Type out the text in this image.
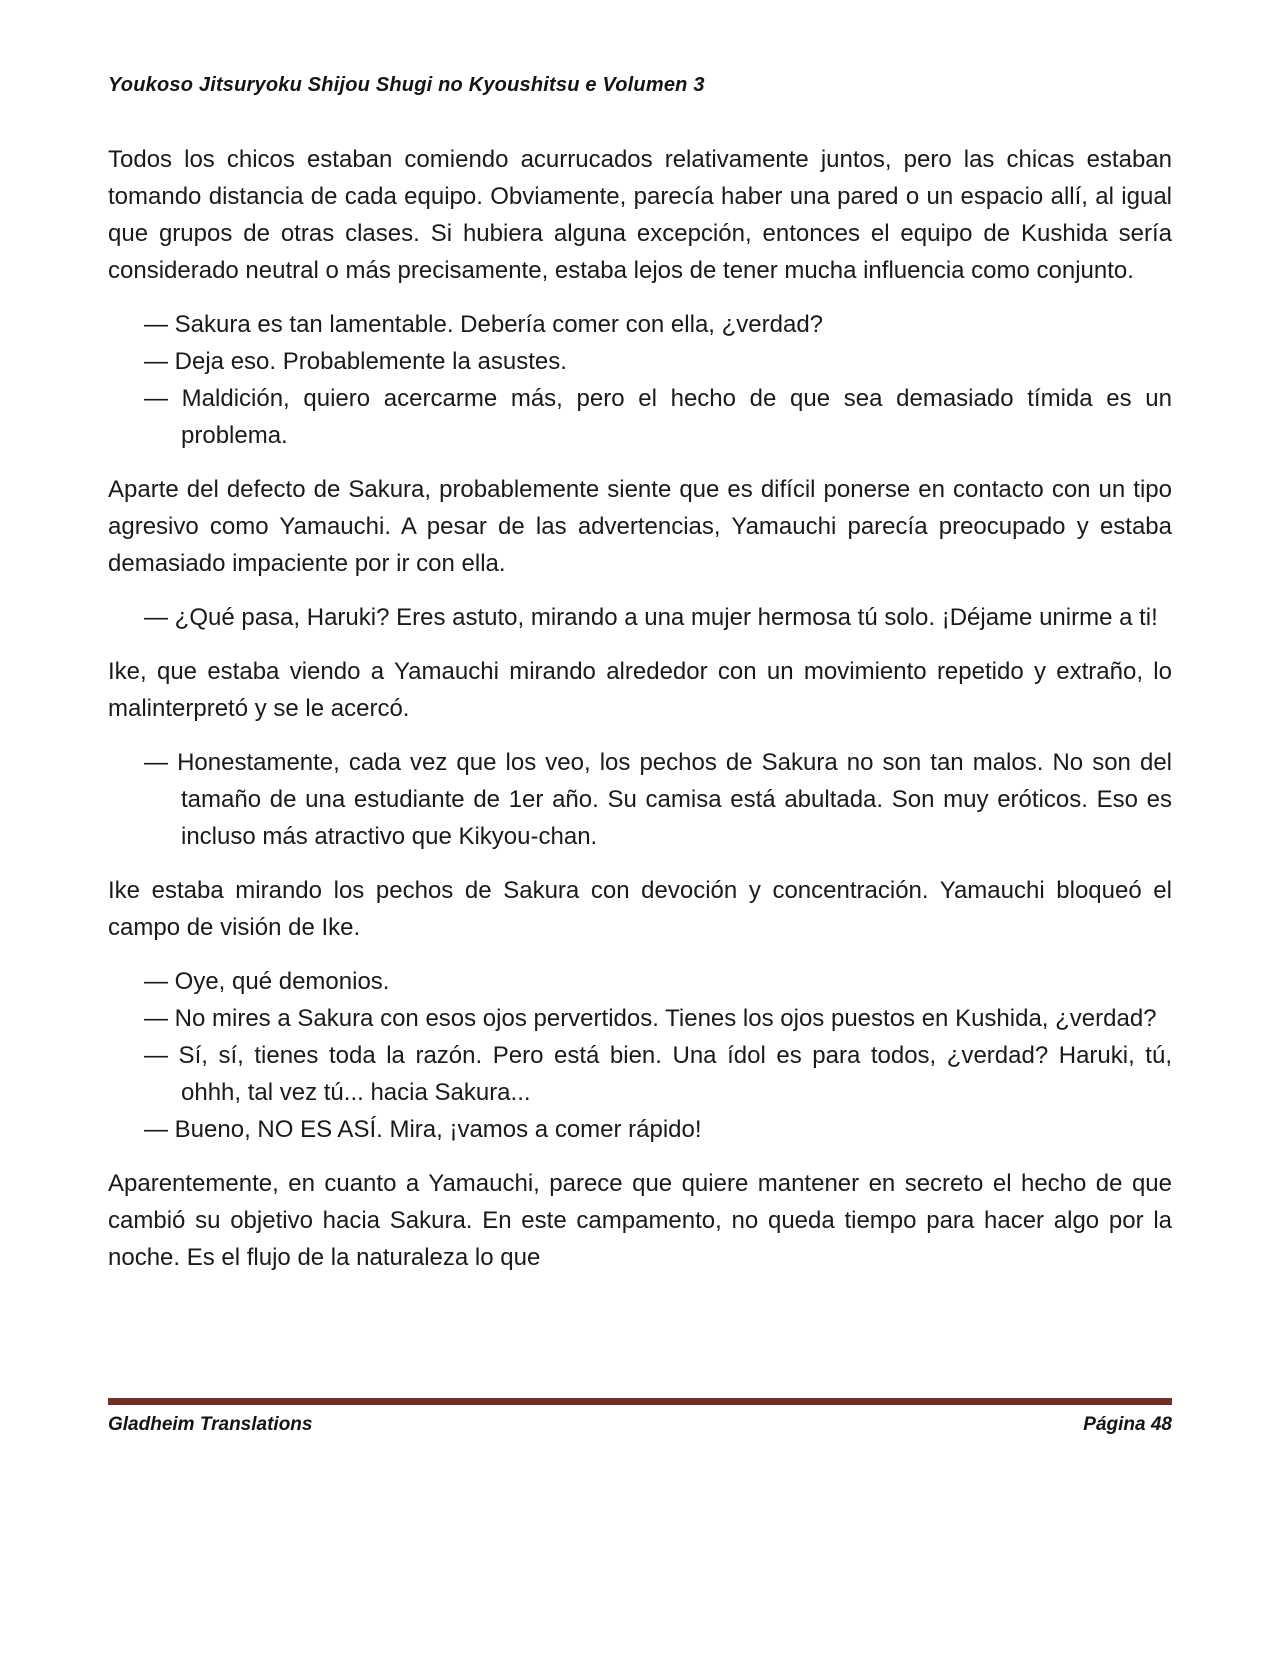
Youkoso Jitsuryoku Shijou Shugi no Kyoushitsu e Volumen 3

Todos los chicos estaban comiendo acurrucados relativamente juntos, pero las chicas estaban tomando distancia de cada equipo. Obviamente, parecía haber una pared o un espacio allí, al igual que grupos de otras clases. Si hubiera alguna excepción, entonces el equipo de Kushida sería considerado neutral o más precisamente, estaba lejos de tener mucha influencia como conjunto.

— Sakura es tan lamentable. Debería comer con ella, ¿verdad?

— Deja eso. Probablemente la asustes.

— Maldición, quiero acercarme más, pero el hecho de que sea demasiado tímida es un problema.

Aparte del defecto de Sakura, probablemente siente que es difícil ponerse en contacto con un tipo agresivo como Yamauchi. A pesar de las advertencias, Yamauchi parecía preocupado y estaba demasiado impaciente por ir con ella.

— ¿Qué pasa, Haruki? Eres astuto, mirando a una mujer hermosa tú solo. ¡Déjame unirme a ti!

Ike, que estaba viendo a Yamauchi mirando alrededor con un movimiento repetido y extraño, lo malinterpretó y se le acercó.

— Honestamente, cada vez que los veo, los pechos de Sakura no son tan malos. No son del tamaño de una estudiante de 1er año. Su camisa está abultada. Son muy eróticos. Eso es incluso más atractivo que Kikyou-chan.

Ike estaba mirando los pechos de Sakura con devoción y concentración. Yamauchi bloqueó el campo de visión de Ike.

— Oye, qué demonios.

— No mires a Sakura con esos ojos pervertidos. Tienes los ojos puestos en Kushida, ¿verdad?

— Sí, sí, tienes toda la razón. Pero está bien. Una ídol es para todos, ¿verdad? Haruki, tú, ohhh, tal vez tú... hacia Sakura...

— Bueno, NO ES ASÍ. Mira, ¡vamos a comer rápido!

Aparentemente, en cuanto a Yamauchi, parece que quiere mantener en secreto el hecho de que cambió su objetivo hacia Sakura. En este campamento, no queda tiempo para hacer algo por la noche. Es el flujo de la naturaleza lo que

Gladheim Translations	Página 48
